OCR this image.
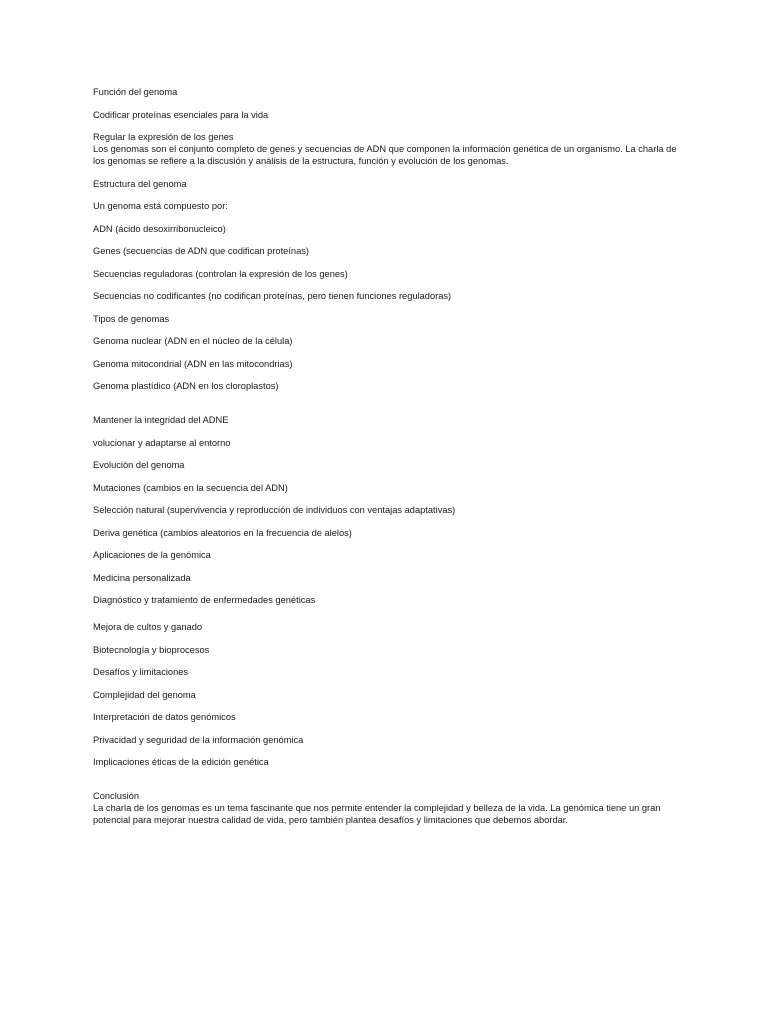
Función del genoma
Codificar proteínas esenciales para la vida
Regular la expresión de los genes
Los genomas son el conjunto completo de genes y secuencias de ADN que componen la información genética de un organismo. La charla de los genomas se refiere a la discusión y análisis de la estructura, función y evolución de los genomas.
Estructura del genoma
Un genoma está compuesto por:
ADN (ácido desoxirribonucleico)
Genes (secuencias de ADN que codifican proteínas)
Secuencias reguladoras (controlan la expresión de los genes)
Secuencias no codificantes (no codifican proteínas, pero tienen funciones reguladoras)
Tipos de genomas
Genoma nuclear (ADN en el núcleo de la célula)
Genoma mitocondrial (ADN en las mitocondrias)
Genoma plastídico (ADN en los cloroplastos)
Mantener la integridad del ADNE
volucionar y adaptarse al entorno
Evolución del genoma
Mutaciones (cambios en la secuencia del ADN)
Selección natural (supervivencia y reproducción de individuos con ventajas adaptativas)
Deriva genética (cambios aleatorios en la frecuencia de alelos)
Aplicaciones de la genómica
Medicina personalizada
Diagnóstico y tratamiento de enfermedades genéticas
Mejora de cultos y ganado
Biotecnología y bioprocesos
Desafíos y limitaciones
Complejidad del genoma
Interpretación de datos genómicos
Privacidad y seguridad de la información genómica
Implicaciones éticas de la edición genética
Conclusión
La charla de los genomas es un tema fascinante que nos permite entender la complejidad y belleza de la vida. La genómica tiene un gran potencial para mejorar nuestra calidad de vida, pero también plantea desafíos y limitaciones que debemos abordar.
